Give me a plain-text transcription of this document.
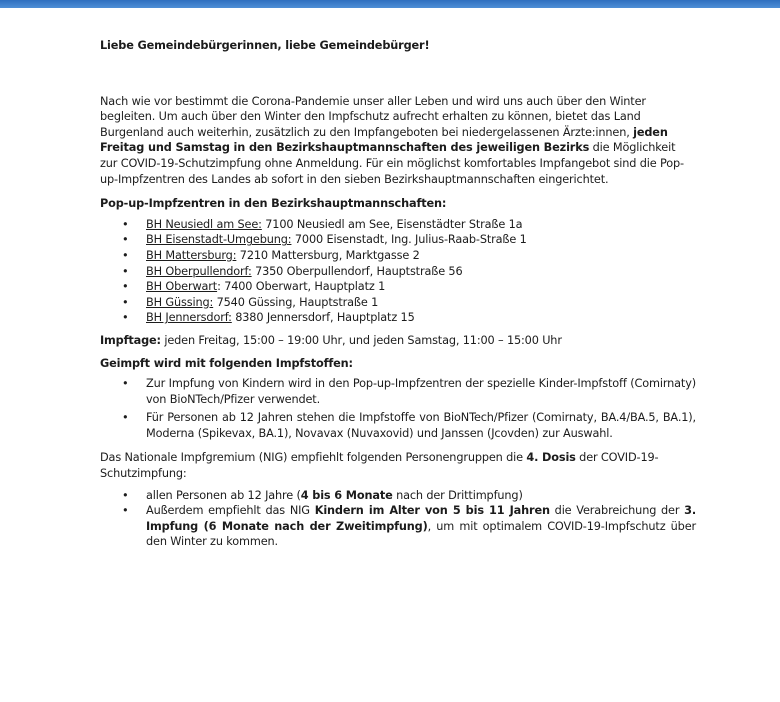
Liebe Gemeindebürgerinnen, liebe Gemeindebürger!

Nach wie vor bestimmt die Corona-Pandemie unser aller Leben und wird uns auch über den Winter begleiten. Um auch über den Winter den Impfschutz aufrecht erhalten zu können, bietet das Land Burgenland auch weiterhin, zusätzlich zu den Impfangeboten bei niedergelassenen Ärzte:innen, jeden Freitag und Samstag in den Bezirkshauptmannschaften des jeweiligen Bezirks die Möglichkeit zur COVID-19-Schutzimpfung ohne Anmeldung. Für ein möglichst komfortables Impfangebot sind die Pop-up-Impfzentren des Landes ab sofort in den sieben Bezirkshauptmannschaften eingerichtet.

Pop-up-Impfzentren in den Bezirkshauptmannschaften:
• BH Neusiedl am See: 7100 Neusiedl am See, Eisenstädter Straße 1a
• BH Eisenstadt-Umgebung: 7000 Eisenstadt, Ing. Julius-Raab-Straße 1
• BH Mattersburg: 7210 Mattersburg, Marktgasse 2
• BH Oberpullendorf: 7350 Oberpullendorf, Hauptstraße 56
• BH Oberwart: 7400 Oberwart, Hauptplatz 1
• BH Güssing: 7540 Güssing, Hauptstraße 1
• BH Jennersdorf: 8380 Jennersdorf, Hauptplatz 15

Impftage: jeden Freitag, 15:00 – 19:00 Uhr, und jeden Samstag, 11:00 – 15:00 Uhr

Geimpft wird mit folgenden Impfstoffen:
• Zur Impfung von Kindern wird in den Pop-up-Impfzentren der spezielle Kinder-Impfstoff (Comirnaty) von BioNTech/Pfizer verwendet.
• Für Personen ab 12 Jahren stehen die Impfstoffe von BioNTech/Pfizer (Comirnaty, BA.4/BA.5, BA.1), Moderna (Spikevax, BA.1), Novavax (Nuvaxovid) und Janssen (Jcovden) zur Auswahl.

Das Nationale Impfgremium (NIG) empfiehlt folgenden Personengruppen die 4. Dosis der COVID-19-Schutzimpfung:

• allen Personen ab 12 Jahre (4 bis 6 Monate nach der Drittimpfung)
• Außerdem empfiehlt das NIG Kindern im Alter von 5 bis 11 Jahren die Verabreichung der 3. Impfung (6 Monate nach der Zweitimpfung), um mit optimalem COVID-19-Impfschutz über den Winter zu kommen.
